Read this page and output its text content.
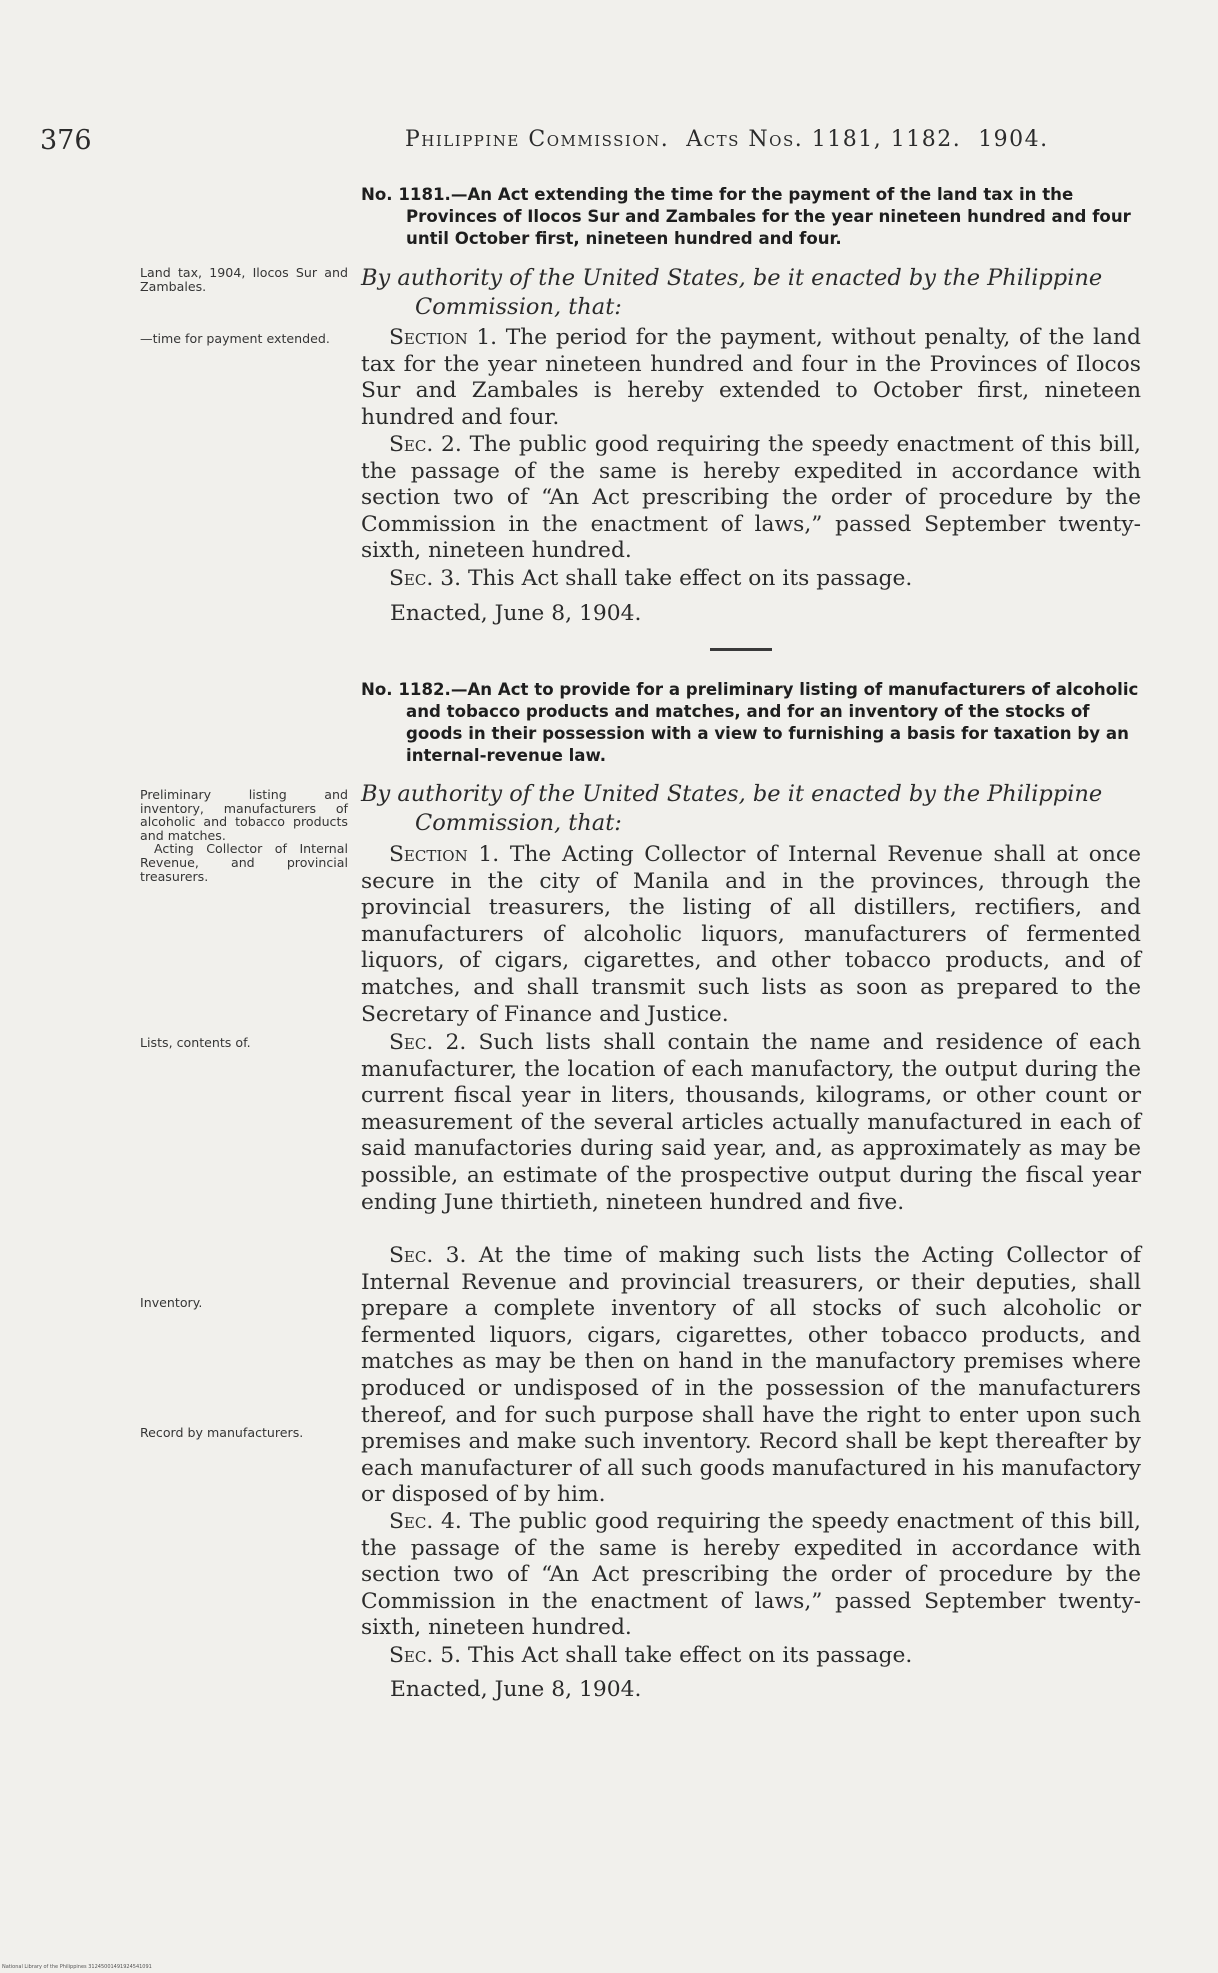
376	Philippine Commission. Acts Nos. 1181, 1182. 1904.
No. 1181.—An Act extending the time for the payment of the land tax in the Provinces of Ilocos Sur and Zambales for the year nineteen hundred and four until October first, nineteen hundred and four.
By authority of the United States, be it enacted by the Philippine
Commission, that:
Section 1. The period for the payment, without penalty, of the land tax for the year nineteen hundred and four in the Provinces of Ilocos Sur and Zambales is hereby extended to October first, nineteen hundred and four.
Sec. 2. The public good requiring the speedy enactment of this bill, the passage of the same is hereby expedited in accordance with section two of “An Act prescribing the order of procedure by the Commission in the enactment of laws,” passed September twenty-sixth, nineteen hundred.
Sec. 3. This Act shall take effect on its passage.
Enacted, June 8, 1904.
No. 1182.—An Act to provide for a preliminary listing of manufacturers of alcoholic and tobacco products and matches, and for an inventory of the stocks of goods in their possession with a view to furnishing a basis for taxation by an internal-revenue law.
By authority of the United States, be it enacted by the Philippine
Commission, that:
Section 1. The Acting Collector of Internal Revenue shall at once secure in the city of Manila and in the provinces, through the provincial treasurers, the listing of all distillers, rectifiers, and manufacturers of alcoholic liquors, manufacturers of fermented liquors, of cigars, cigarettes, and other tobacco products, and of matches, and shall transmit such lists as soon as prepared to the Secretary of Finance and Justice.
Sec. 2. Such lists shall contain the name and residence of each manufacturer, the location of each manufactory, the output during the current fiscal year in liters, thousands, kilograms, or other count or measurement of the several articles actually manufactured in each of said manufactories during said year, and, as approximately as may be possible, an estimate of the prospective output during the fiscal year ending June thirtieth, nineteen hundred and five.
Sec. 3. At the time of making such lists the Acting Collector of Internal Revenue and provincial treasurers, or their deputies, shall prepare a complete inventory of all stocks of such alcoholic or fermented liquors, cigars, cigarettes, other tobacco products, and matches as may be then on hand in the manufactory premises where produced or undisposed of in the possession of the manufacturers thereof, and for such purpose shall have the right to enter upon such premises and make such inventory. Record shall be kept thereafter by each manufacturer of all such goods manufactured in his manufactory or disposed of by him.
Sec. 4. The public good requiring the speedy enactment of this bill, the passage of the same is hereby expedited in accordance with section two of “An Act prescribing the order of procedure by the Commission in the enactment of laws,” passed September twenty-sixth, nineteen hundred.
Sec. 5. This Act shall take effect on its passage.
Enacted, June 8, 1904.
Land tax, 1904, Ilocos Sur and Zambales.
—time for payment extended.
Preliminary listing and inventory, manufacturers of alcoholic and tobacco products and matches.
Acting Collector of Internal Revenue, and provincial treasurers.
Lists, contents of.
Inventory.
Record by manufacturers.
National Library of the Philippines 31245001491924541091
